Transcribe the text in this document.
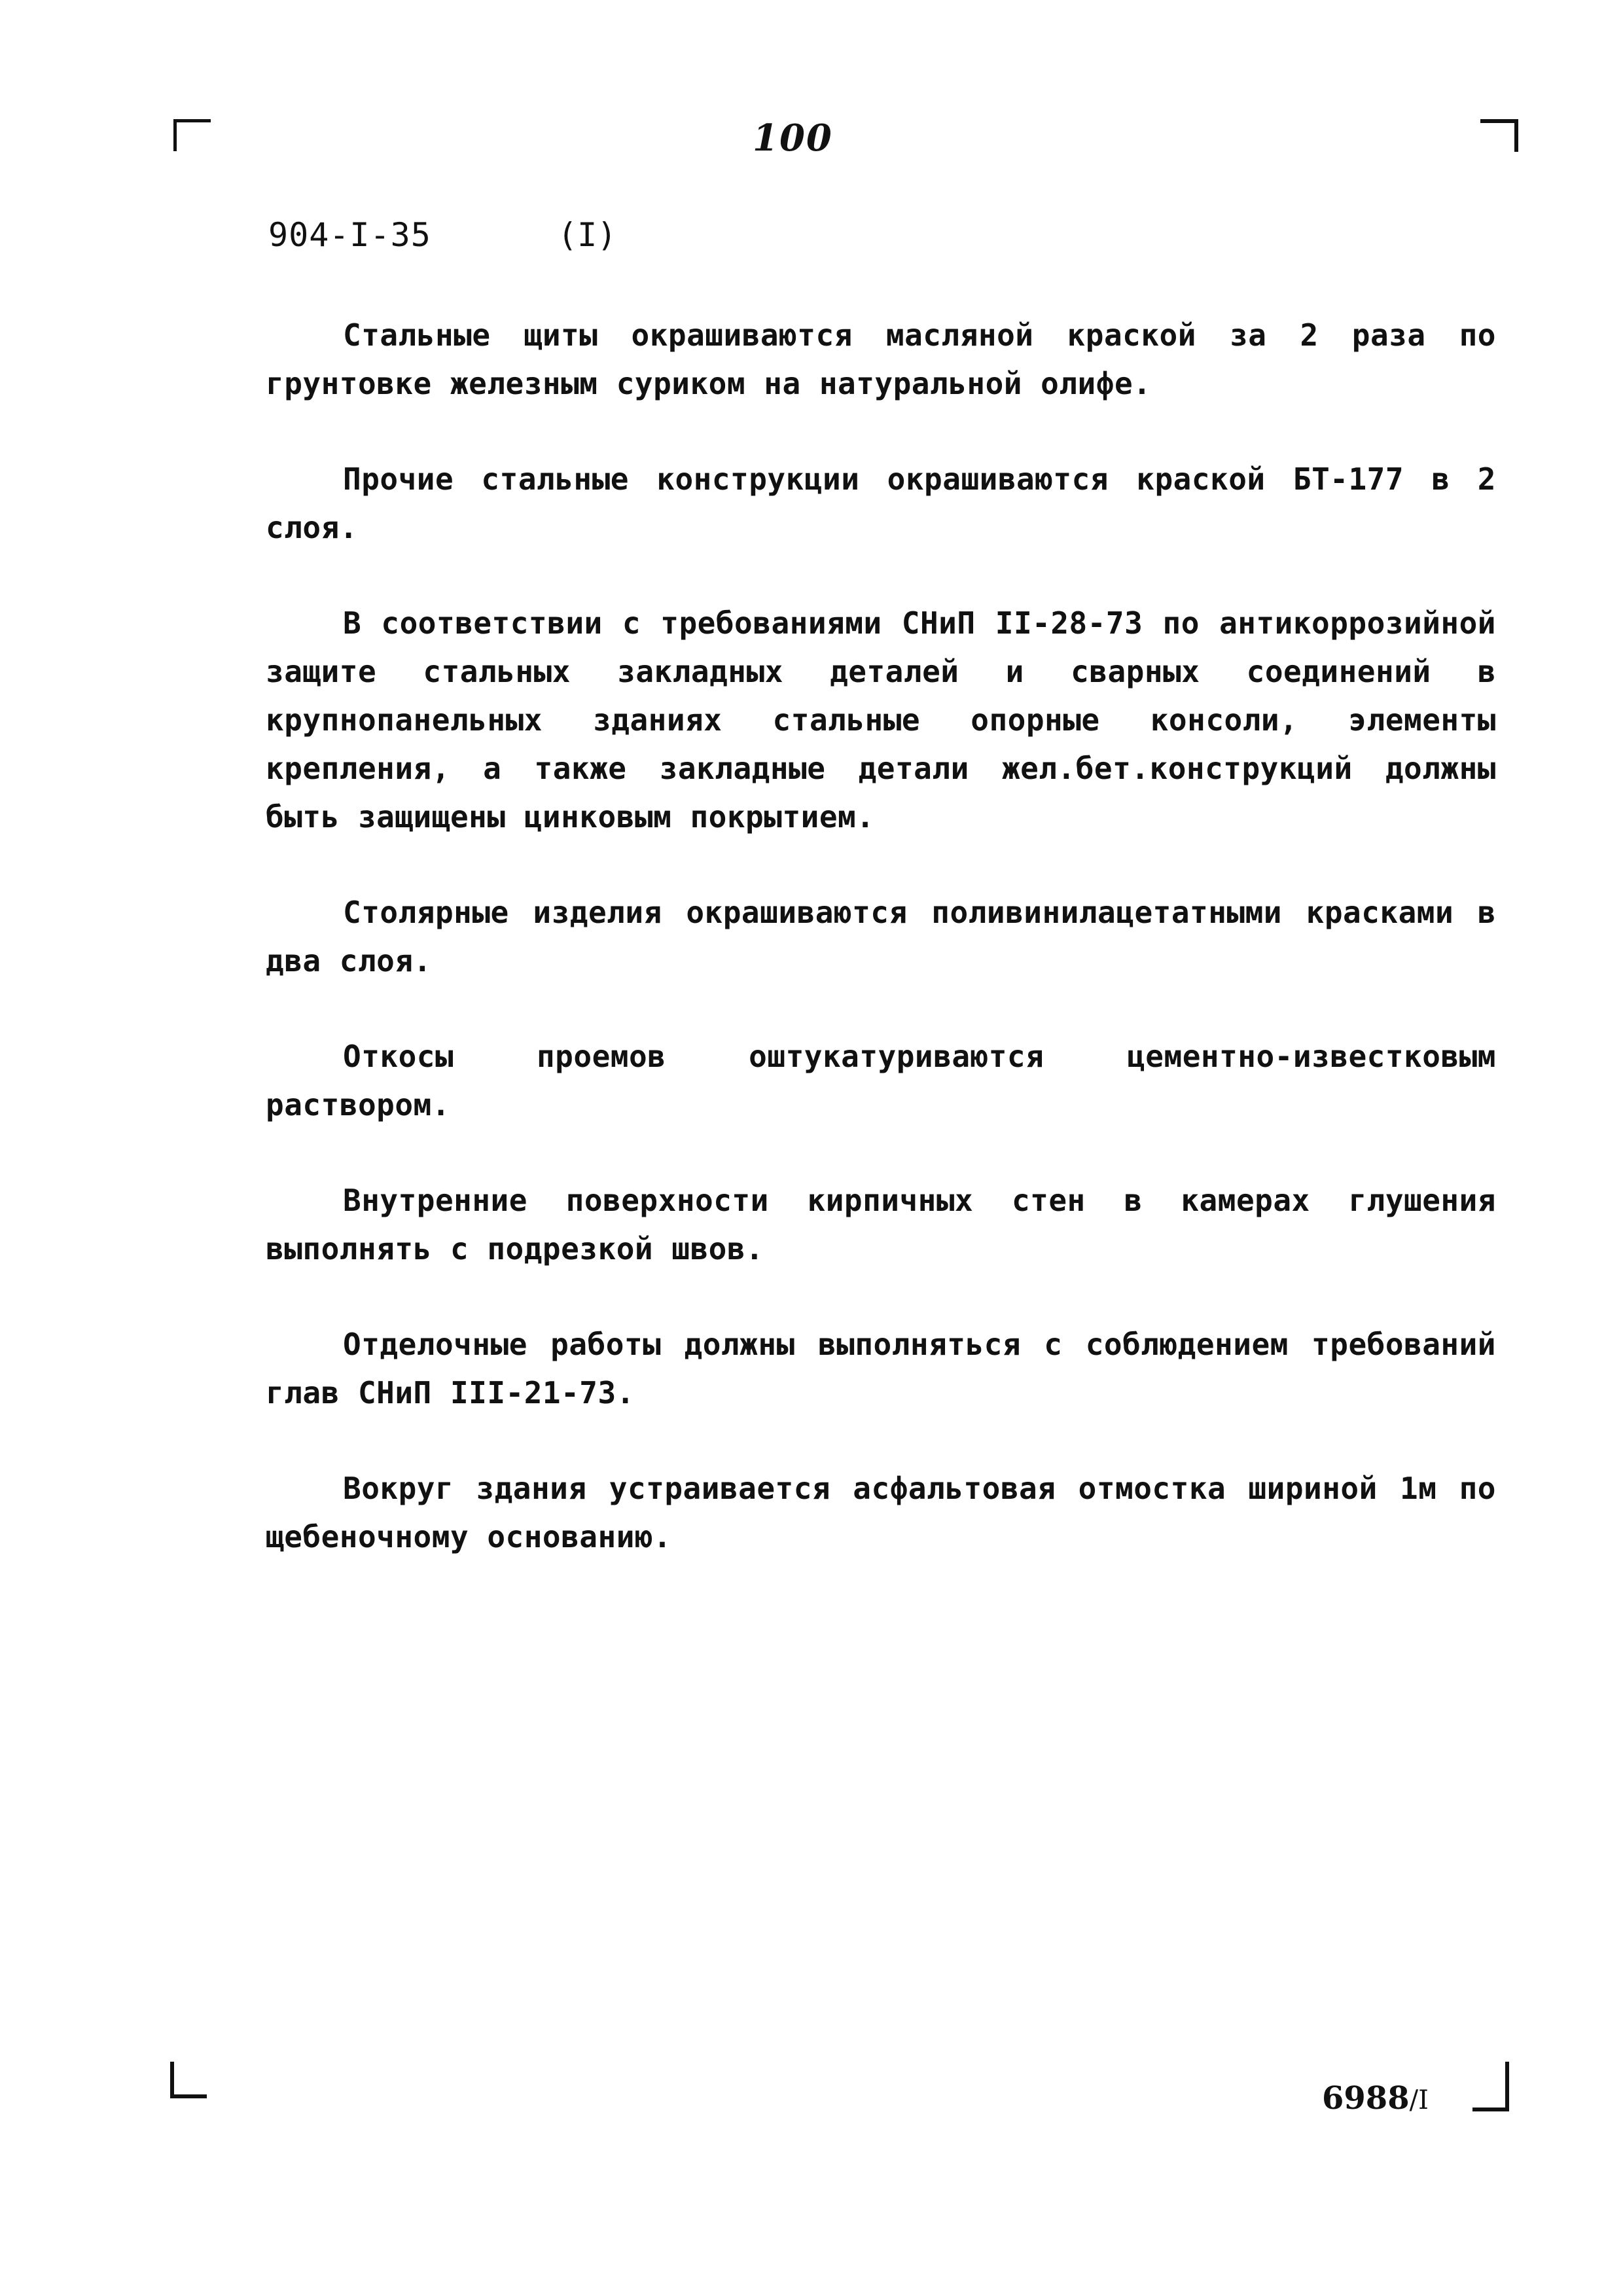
100
904-I-35	(I)

Стальные щиты окрашиваются масляной краской за 2 раза по грунтовке железным суриком на натуральной олифе.

Прочие стальные конструкции окрашиваются краской БТ-177 в 2 слоя.

В соответствии с требованиями СНиП II-28-73 по антикоррозийной защите стальных закладных деталей и сварных соединений в крупнопанельных зданиях стальные опорные консоли, элементы крепления, а также закладные детали жел.бет.конструкций должны быть защищены цинковым покрытием.

Столярные изделия окрашиваются поливинилацетатными красками в два слоя.

Откосы проемов оштукатуриваются цементно-известковым раствором.

Внутренние поверхности кирпичных стен в камерах глушения выполнять с подрезкой швов.

Отделочные работы должны выполняться с соблюдением требований глав СНиП III-21-73.

Вокруг здания устраивается асфальтовая отмостка шириной 1м по щебеночному основанию.

6988/I
